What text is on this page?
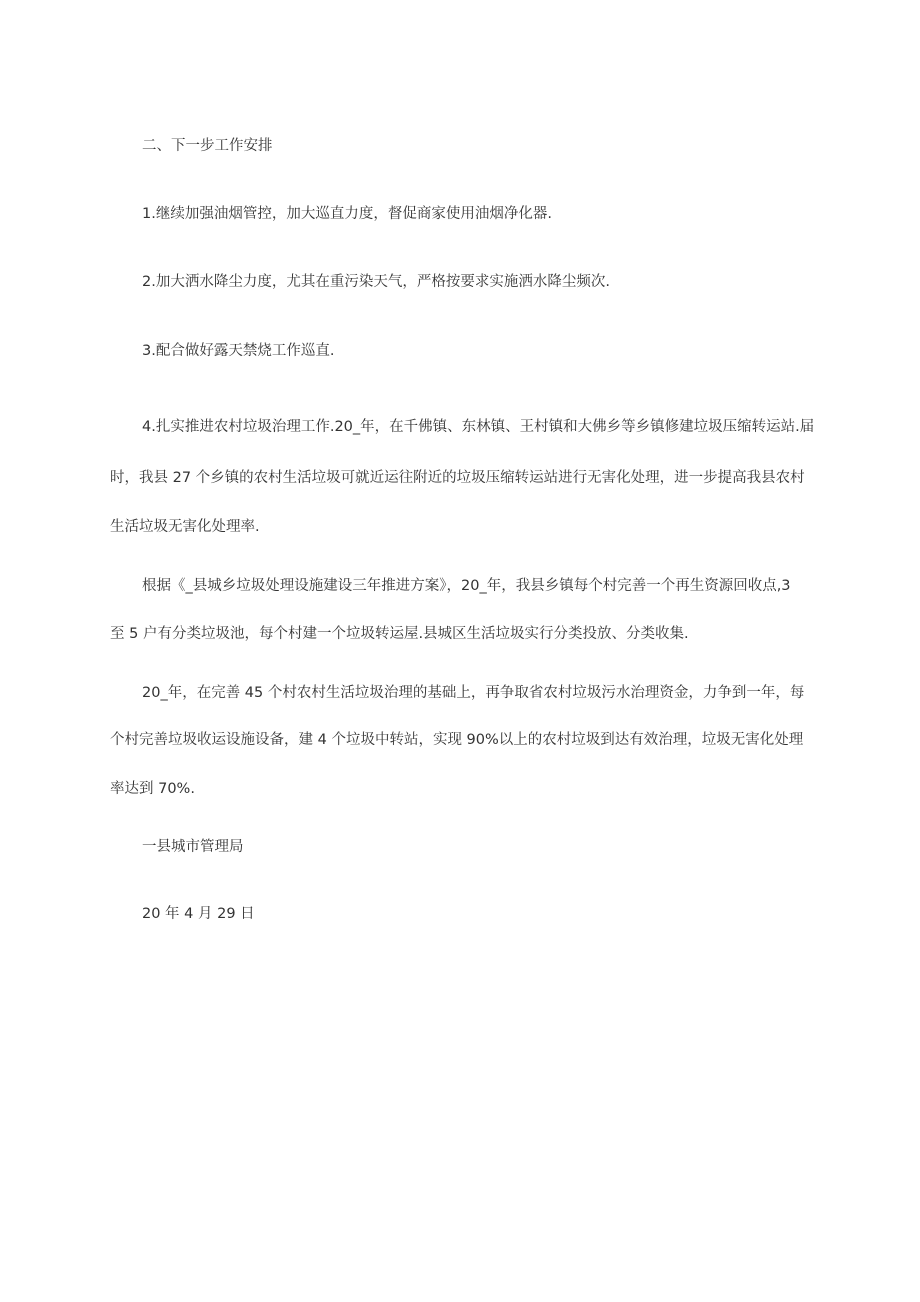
二、下一步工作安排
1.继续加强油烟管控，加大巡直力度，督促商家使用油烟净化器.
2.加大洒水降尘力度，尤其在重污染天气，严格按要求实施洒水降尘频次.
3.配合做好露天禁烧工作巡直.
4.扎实推进农村垃圾治理工作.20_年，在千佛镇、东林镇、王村镇和大佛乡等乡镇修建垃圾压缩转运站.届
时，我县 27 个乡镇的农村生活垃圾可就近运往附近的垃圾压缩转运站进行无害化处理，进一步提高我县农村
生活垃圾无害化处理率.
根据《_县城乡垃圾处理设施建设三年推进方案》，20_年，我县乡镇每个村完善一个再生资源回收点,3
至 5 户有分类垃圾池，每个村建一个垃圾转运屋.县城区生活垃圾实行分类投放、分类收集.
20_年，在完善 45 个村农村生活垃圾治理的基础上，再争取省农村垃圾污水治理资金，力争到一年，每
个村完善垃圾收运设施设备，建 4 个垃圾中转站，实现 90%以上的农村垃圾到达有效治理，垃圾无害化处理
率达到 70%.
一县城市管理局
20 年 4 月 29 日
